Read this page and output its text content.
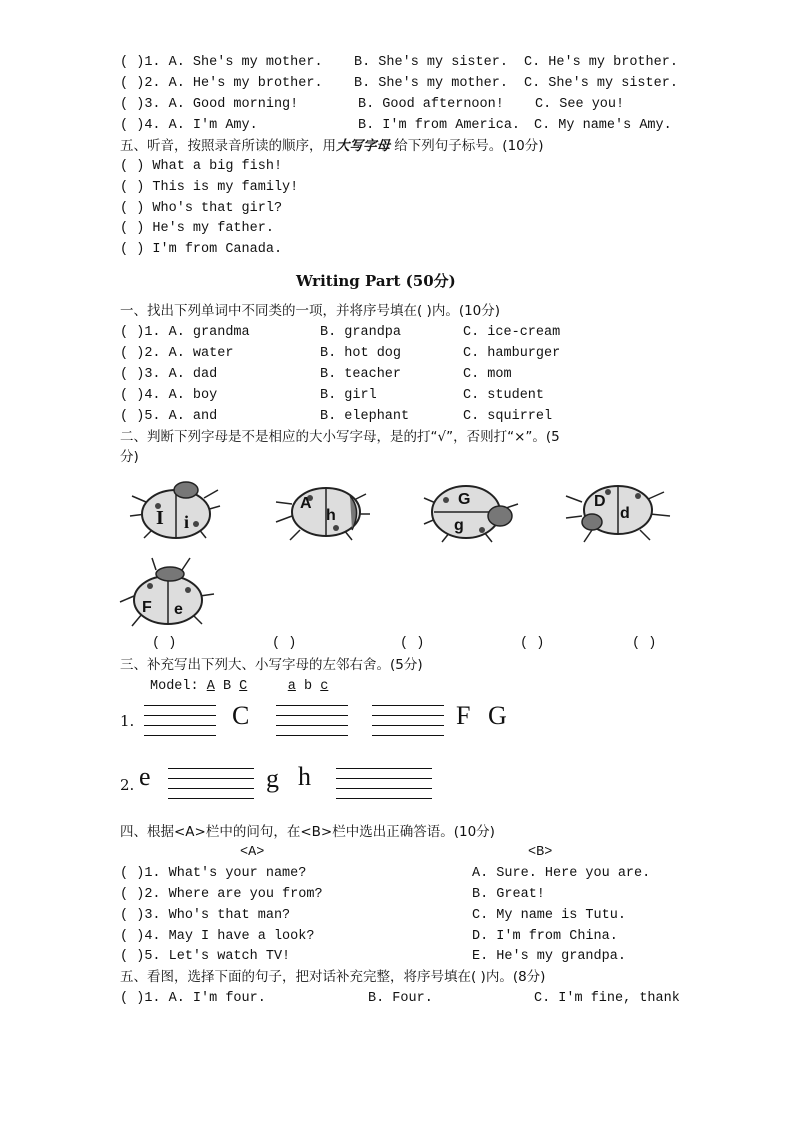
( )1. A. She's my mother. B. She's my sister. C. He's my brother.
( )2. A. He's my brother. B. She's my mother. C. She's my sister.
( )3. A. Good morning!	B. Good afternoon! C. See you!
( )4. A. I'm Amy.	B. I'm from America. C. My name's Amy.
五、听音，按照录音所读的顺序，用大写字母 给下列句子标号。(10分)
( ) What a big fish!
( ) This is my family!
( ) Who's that girl?
( ) He's my father.
( ) I'm from Canada.
Writing Part (50分)
一、找出下列单词中不同类的一项，并将序号填在( )内。(10分)
( )1. A. grandma	B. grandpa	C. ice-cream
( )2. A. water	B. hot dog	C. hamburger
( )3. A. dad	B. teacher	C. mom
( )4. A. boy	B. girl	C. student
( )5. A. and	B. elephant	C. squirrel
二、判断下列字母是不是相应的大小写字母，是的打“√”，否则打“×”。(5
分)
I i
A
h
G
g
D
d
F e
( )	( )	( )	( )	( )
三、补充写出下列大、小写字母的左邻右舍。(5分)
Model: A B C	a b c
1.	C	F G
2. e	g h
四、根据<A>栏中的问句，在<B>栏中选出正确答语。(10分)
<A>	<B>
( )1. What's your name?	A. Sure. Here you are.
( )2. Where are you from?	B. Great!
( )3. Who's that man?	C. My name is Tutu.
( )4. May I have a look?	D. I'm from China.
( )5. Let's watch TV!	E. He's my grandpa.
五、看图，选择下面的句子，把对话补充完整，将序号填在( )内。(8分)
( )1. A. I'm four.	B. Four.	C. I'm fine, thank
